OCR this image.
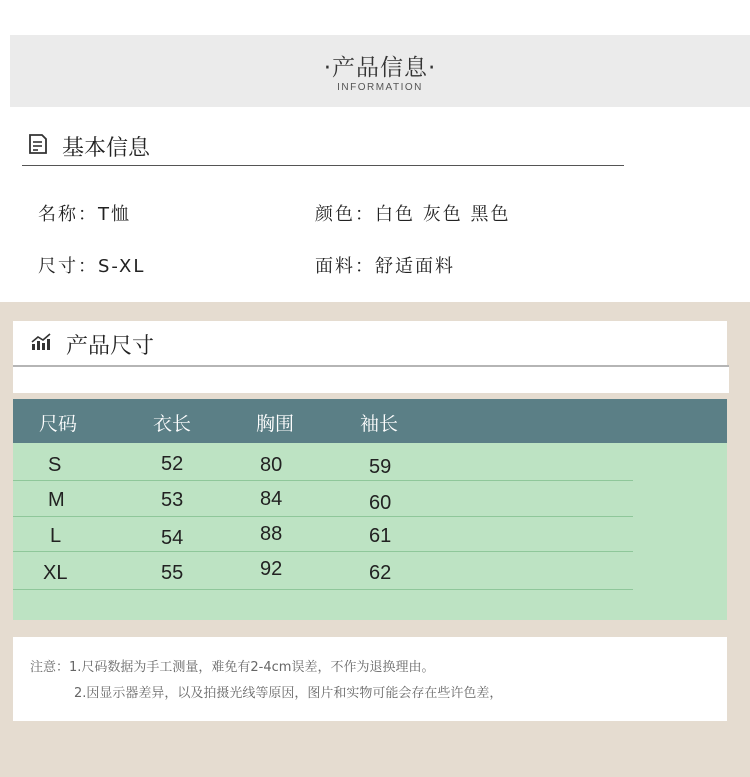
·产品信息·
INFORMATION
基本信息
名称：T恤	颜色：白色 灰色 黑色
尺寸：S-XL	面料：舒适面料
产品尺寸
尺码	衣长	胸围	袖长
S	52	80	59
M	53	84	60
L	54	88	61
XL	55	92	62
注意：1.尺码数据为手工测量，难免有2-4cm误差，不作为退换理由。
2.因显示器差异，以及拍摄光线等原因，图片和实物可能会存在些许色差，
